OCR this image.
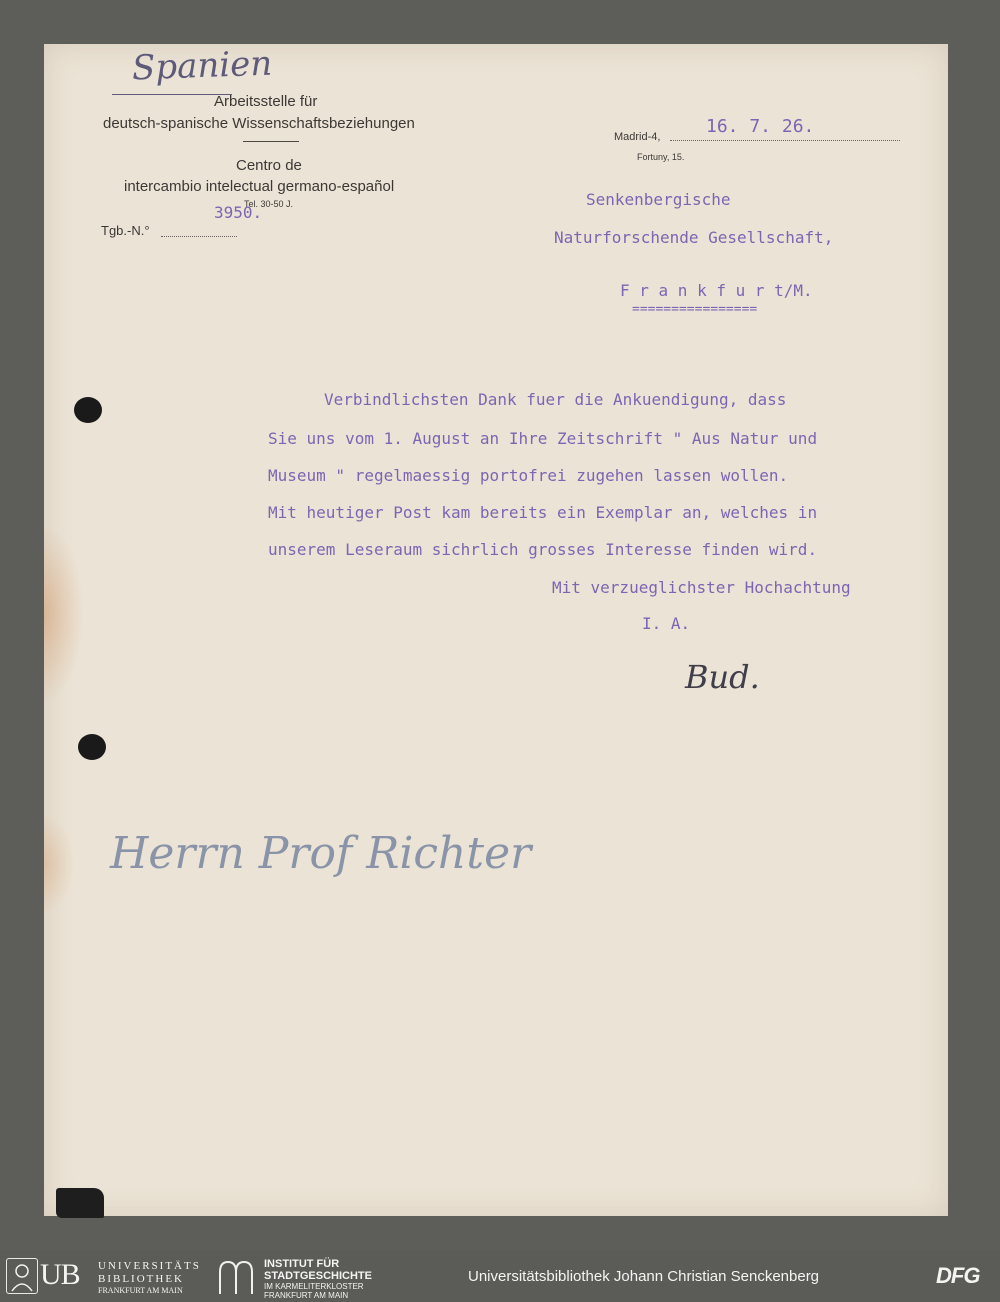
Spanien
Arbeitsstelle für
deutsch-spanische Wissenschaftsbeziehungen
Centro de
intercambio intelectual germano-español
Tel. 30-50 J.
3950.
Tgb.-N.°
Madrid-4,	16. 7. 26.
Fortuny, 15.
Senkenbergische
Naturforschende Gesellschaft,
F r a n k f u r t/M.
================
Verbindlichsten Dank fuer die Ankuendigung, dass
Sie uns vom 1. August an Ihre Zeitschrift " Aus Natur und
Museum " regelmaessig portofrei zugehen lassen wollen.
Mit heutiger Post kam bereits ein Exemplar an, welches in
unserem Leseraum sichrlich grosses Interesse finden wird.
Mit verzueglichster Hochachtung
I. A.
Bud.
Herrn Prof Richter
UB UNIVERSITÄTS
BIBLIOTHEK
FRANKFURT AM MAIN
INSTITUT FÜR
STADTGESCHICHTE
IM KARMELITERKLOSTER
FRANKFURT AM MAIN
Universitätsbibliothek Johann Christian Senckenberg	DFG
